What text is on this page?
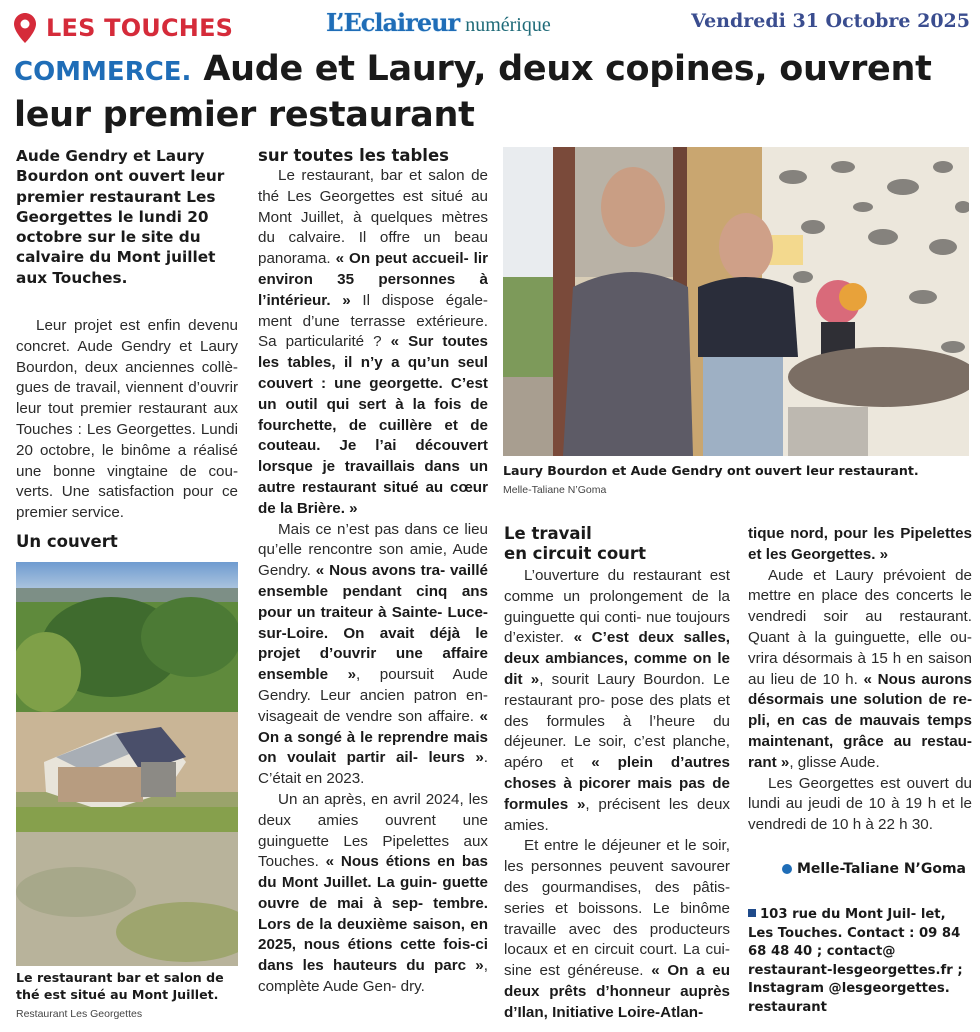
LES TOUCHES	L’Eclaireur numérique	Vendredi 31 Octobre 2025
COMMERCE. Aude et Laury, deux copines, ouvrent leur premier restaurant
Aude Gendry et Laury Bourdon ont ouvert leur premier restaurant Les Georgettes le lundi 20 octobre sur le site du calvaire du Mont juillet aux Touches.

Leur projet est enfin devenu concret. Aude Gendry et Laury Bourdon, deux anciennes collè- gues de travail, viennent d’ouvrir leur tout premier restaurant aux Touches : Les Georgettes. Lundi 20 octobre, le binôme a réalisé une bonne vingtaine de cou- verts. Une satisfaction pour ce premier service.

Un couvert
Le restaurant bar et salon de thé est situé au Mont Juillet.
Restaurant Les Georgettes
sur toutes les tables

Le restaurant, bar et salon de thé Les Georgettes est situé au Mont Juillet, à quelques mètres du calvaire. Il offre un beau panorama. « On peut accueil- lir environ 35 personnes à l’intérieur. » Il dispose égale- ment d’une terrasse extérieure. Sa particularité ? « Sur toutes les tables, il n’y a qu’un seul couvert : une georgette. C’est un outil qui sert à la fois de fourchette, de cuillère et de couteau. Je l’ai découvert lorsque je travaillais dans un autre restaurant situé au cœur de la Brière. »

Mais ce n’est pas dans ce lieu qu’elle rencontre son amie, Aude Gendry. « Nous avons tra- vaillé ensemble pendant cinq ans pour un traiteur à Sainte- Luce-sur-Loire. On avait déjà le projet d’ouvrir une affaire ensemble », poursuit Aude Gendry. Leur ancien patron en- visageait de vendre son affaire. « On a songé à le reprendre mais on voulait partir ail- leurs ». C’était en 2023.

Un an après, en avril 2024, les deux amies ouvrent une guinguette Les Pipelettes aux Touches. « Nous étions en bas du Mont Juillet. La guin- guette ouvre de mai à sep- tembre. Lors de la deuxième saison, en 2025, nous étions cette fois-ci dans les hauteurs du parc », complète Aude Gen- dry.

Laury Bourdon et Aude Gendry ont ouvert leur restaurant.
Melle-Taliane N’Goma
Le travail
en circuit court

L’ouverture du restaurant est comme un prolongement de la guinguette qui conti- nue toujours d’exister. « C’est deux salles, deux ambiances, comme on le dit », sourit Laury Bourdon. Le restaurant pro- pose des plats et des formules à l’heure du déjeuner. Le soir, c’est planche, apéro et « plein d’autres choses à picorer mais pas de formules », précisent les deux amies.

Et entre le déjeuner et le soir, les personnes peuvent savourer des gourmandises, des pâtis- series et boissons. Le binôme travaille avec des producteurs locaux et en circuit court. La cui- sine est généreuse. « On a eu deux prêts d’honneur auprès d’Ilan, Initiative Loire-Atlan-

tique nord, pour les Pipelettes et les Georgettes. »

Aude et Laury prévoient de mettre en place des concerts le vendredi soir au restaurant. Quant à la guinguette, elle ou- vrira désormais à 15 h en saison au lieu de 10 h. « Nous aurons désormais une solution de re- pli, en cas de mauvais temps maintenant, grâce au restau- rant », glisse Aude.

Les Georgettes est ouvert du lundi au jeudi de 10 à 19 h et le vendredi de 10 h à 22 h 30.

Melle-Taliane N’Goma
103 rue du Mont Juil- let, Les Touches. Contact : 09 84 68 48 40 ; contact@ restaurant-lesgeorgettes.fr ; Instagram @lesgeorgettes. restaurant
